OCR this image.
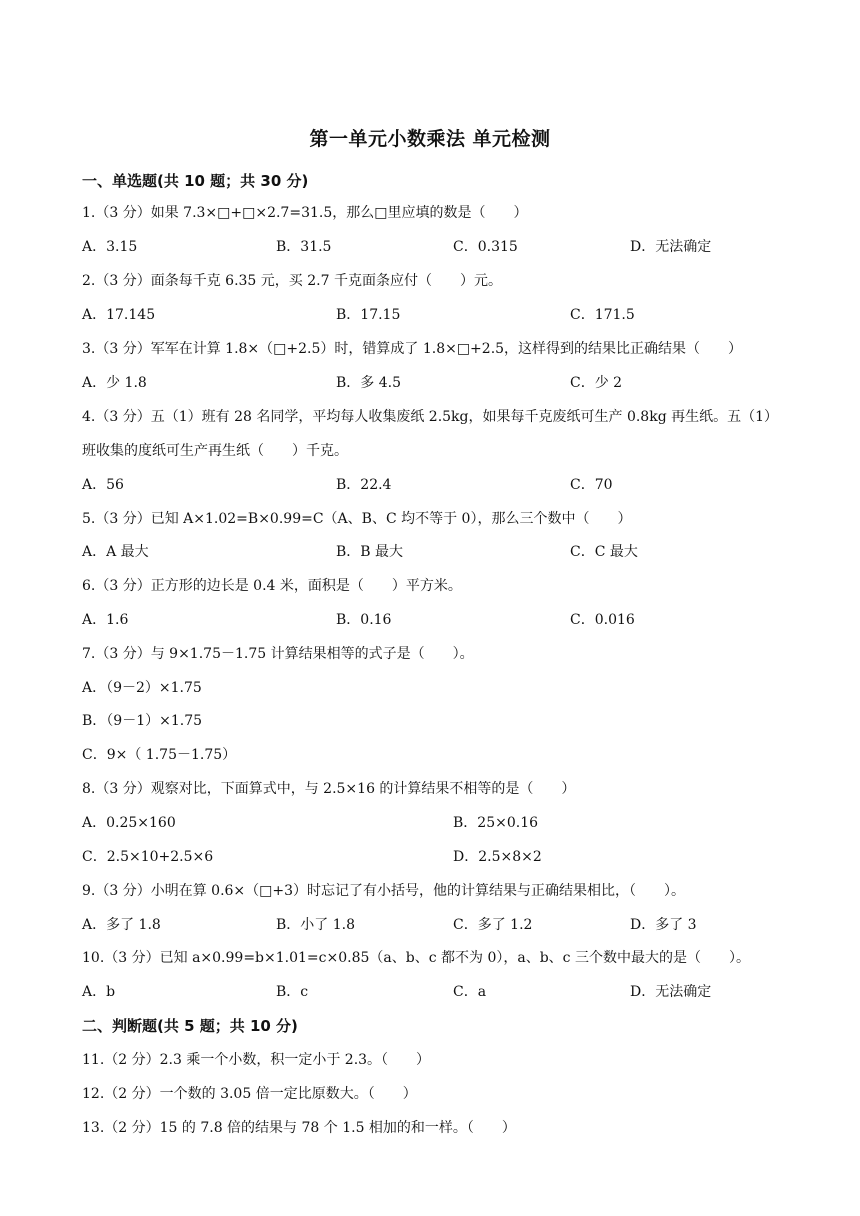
第一单元小数乘法 单元检测
一、单选题(共 10 题；共 30 分)
1.（3 分）如果 7.3×□+□×2.7=31.5，那么□里应填的数是（　　）
A．3.15	B．31.5	C．0.315	D．无法确定
2.（3 分）面条每千克 6.35 元，买 2.7 千克面条应付（　　）元。
A．17.145	B．17.15	C．171.5
3.（3 分）军军在计算 1.8×（□+2.5）时，错算成了 1.8×□+2.5，这样得到的结果比正确结果（　　）
A．少 1.8	B．多 4.5	C．少 2
4.（3 分）五（1）班有 28 名同学，平均每人收集废纸 2.5kg，如果每千克废纸可生产 0.8kg 再生纸。五（1）
班收集的度纸可生产再生纸（　　）千克。
A．56	B．22.4	C．70
5.（3 分）已知 A×1.02=B×0.99=C（A、B、C 均不等于 0），那么三个数中（　　）
A．A 最大	B．B 最大	C．C 最大
6.（3 分）正方形的边长是 0.4 米，面积是（　　）平方米。
A．1.6	B．0.16	C．0.016
7.（3 分）与 9×1.75－1.75 计算结果相等的式子是（　　）。
A．（9－2）×1.75
B．（9－1）×1.75
C．9×（ 1.75－1.75）
8.（3 分）观察对比，下面算式中，与 2.5×16 的计算结果不相等的是（　　）
A．0.25×160	B．25×0.16
C．2.5×10+2.5×6	D．2.5×8×2
9.（3 分）小明在算 0.6×（□+3）时忘记了有小括号，他的计算结果与正确结果相比，（　　）。
A．多了 1.8	B．小了 1.8	C．多了 1.2	D．多了 3
10.（3 分）已知 a×0.99=b×1.01=c×0.85（a、b、c 都不为 0），a、b、c 三个数中最大的是（　　）。
A．b	B．c	C．a	D．无法确定
二、判断题(共 5 题；共 10 分)
11.（2 分）2.3 乘一个小数，积一定小于 2.3。（　　）
12.（2 分）一个数的 3.05 倍一定比原数大。（　　）
13.（2 分）15 的 7.8 倍的结果与 78 个 1.5 相加的和一样。（　　）
